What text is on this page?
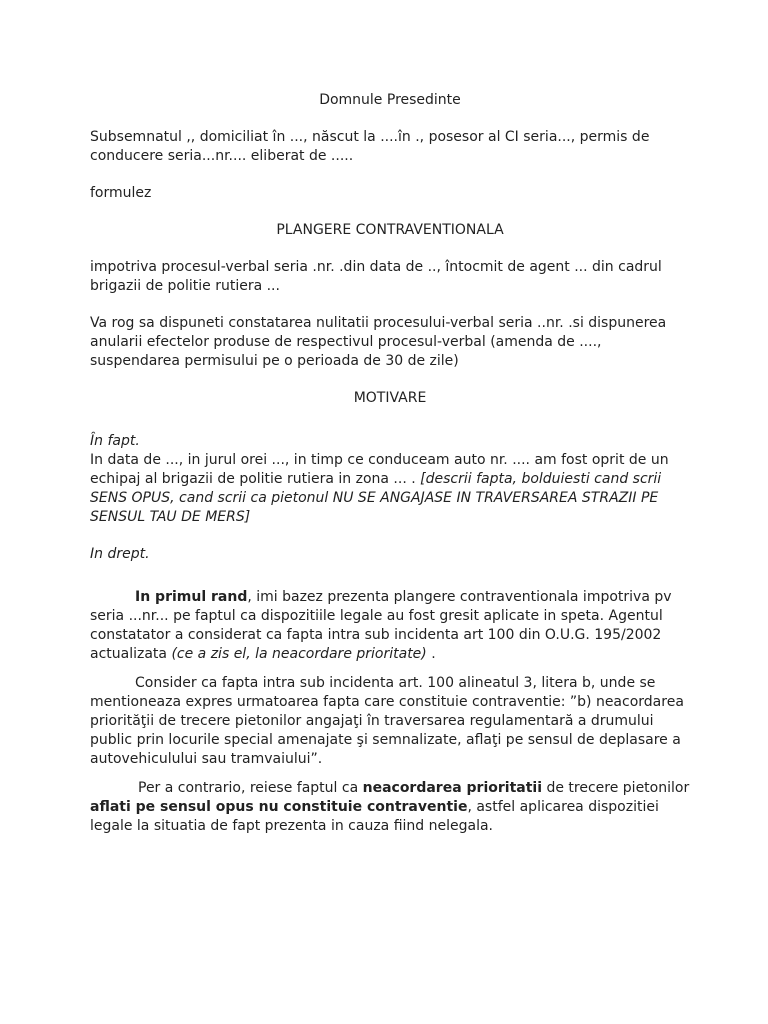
Domnule Presedinte

Subsemnatul ,, domiciliat în ..., născut la ....în ., posesor al CI seria..., permis de conducere seria...nr.... eliberat de .....

formulez

PLANGERE CONTRAVENTIONALA

impotriva procesul-verbal seria .nr. .din data de .., întocmit de agent ... din cadrul brigazii de politie rutiera ...

Va rog sa dispuneti constatarea nulitatii procesului-verbal seria ..nr. .si dispunerea anularii efectelor produse de respectivul procesul-verbal (amenda de ...., suspendarea permisului pe o perioada de 30 de zile)

MOTIVARE

În fapt.

In data de ..., in jurul orei ..., in timp ce conduceam auto nr. .... am fost oprit de un echipaj al brigazii de politie rutiera in zona ... . [descrii fapta, bolduiesti cand scrii SENS OPUS, cand scrii ca pietonul NU SE ANGAJASE IN TRAVERSAREA STRAZII PE SENSUL TAU DE MERS]

In drept.

In primul rand, imi bazez prezenta plangere contraventionala impotriva pv seria ...nr... pe faptul ca dispozitiile legale au fost gresit aplicate in speta. Agentul constatator a considerat ca fapta intra sub incidenta art 100 din O.U.G. 195/2002 actualizata (ce a zis el, la neacordare prioritate) .

Consider ca fapta intra sub incidenta art. 100 alineatul 3, litera b, unde se mentioneaza expres urmatoarea fapta care constituie contraventie: ”b) neacordarea priorităţii de trecere pietonilor angajaţi în traversarea regulamentară a drumului public prin locurile special amenajate şi semnalizate, aflaţi pe sensul de deplasare a autovehiculului sau tramvaiului”.

Per a contrario, reiese faptul ca neacordarea prioritatii de trecere pietonilor aflati pe sensul opus nu constituie contraventie, astfel aplicarea dispozitiei legale la situatia de fapt prezenta in cauza fiind nelegala.
